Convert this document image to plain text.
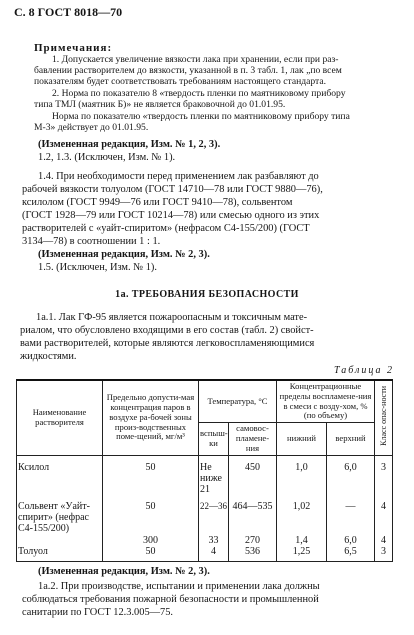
С. 8 ГОСТ 8018—70
Примечания:
1. Допускается увеличение вязкости лака при хранении, если при раз-
бавлении растворителем до вязкости, указанной в п. 3 табл. 1, лак „по всем
показателям будет соответствовать требованиям настоящего стандарта.
2. Норма по показателю 8 «твердость пленки по маятниковому прибору
типа ТМЛ (маятник Б)» не является браковочной до 01.01.95.
Норма по показателю «твердость пленки по маятниковому прибору типа
М-3» действует до 01.01.95.
(Измененная редакция, Изм. № 1, 2, 3).
1.2, 1.3. (Исключен, Изм. № 1).
1.4. При необходимости перед применением лак разбавляют до
рабочей вязкости толуолом (ГОСТ 14710—78 или ГОСТ 9880—76),
ксилолом (ГОСТ 9949—76 или ГОСТ 9410—78), сольвентом
(ГОСТ 1928—79 или ГОСТ 10214—78) или смесью одного из этих
растворителей с «уайт-спиритом» (нефрасом С4-155/200) (ГОСТ
3134—78) в соотношении 1 : 1.
(Измененная редакция, Изм. № 2, 3).
1.5. (Исключен, Изм. № 1).
1а. ТРЕБОВАНИЯ БЕЗОПАСНОСТИ
1а.1. Лак ГФ-95 является пожароопасным и токсичным мате-
риалом, что обусловлено входящими в его состав (табл. 2) свойст-
вами растворителей, которые являются легковоспламеняющимися
жидкостями.
Таблица 2
Наименование растворителя	Предельно допусти-мая концентрация паров в воздухе ра-бочей зоны произ-водственных поме-щений, мг/м³	Температура, °С		Концентрационные пределы воспламене-ния в смеси с возду-хом, % (по объему)		Класс опас-ности
		вспыш-ки	самовос-пламене-ния	нижний	верхний	
Ксилол	50	Не ниже 21	450	1,0	6,0	3
Сольвент «Уайт-спирит» (нефрас С4-155/200)	50	22—36	464—535	1,02	—	4
	300	33	270	1,4	6,0	4
Толуол	50	4	536	1,25	6,5	3
(Измененная редакция, Изм. № 2, 3).
1а.2. При производстве, испытании и применении лака должны
соблюдаться требования пожарной безопасности и промышленной
санитарии по ГОСТ 12.3.005—75.
